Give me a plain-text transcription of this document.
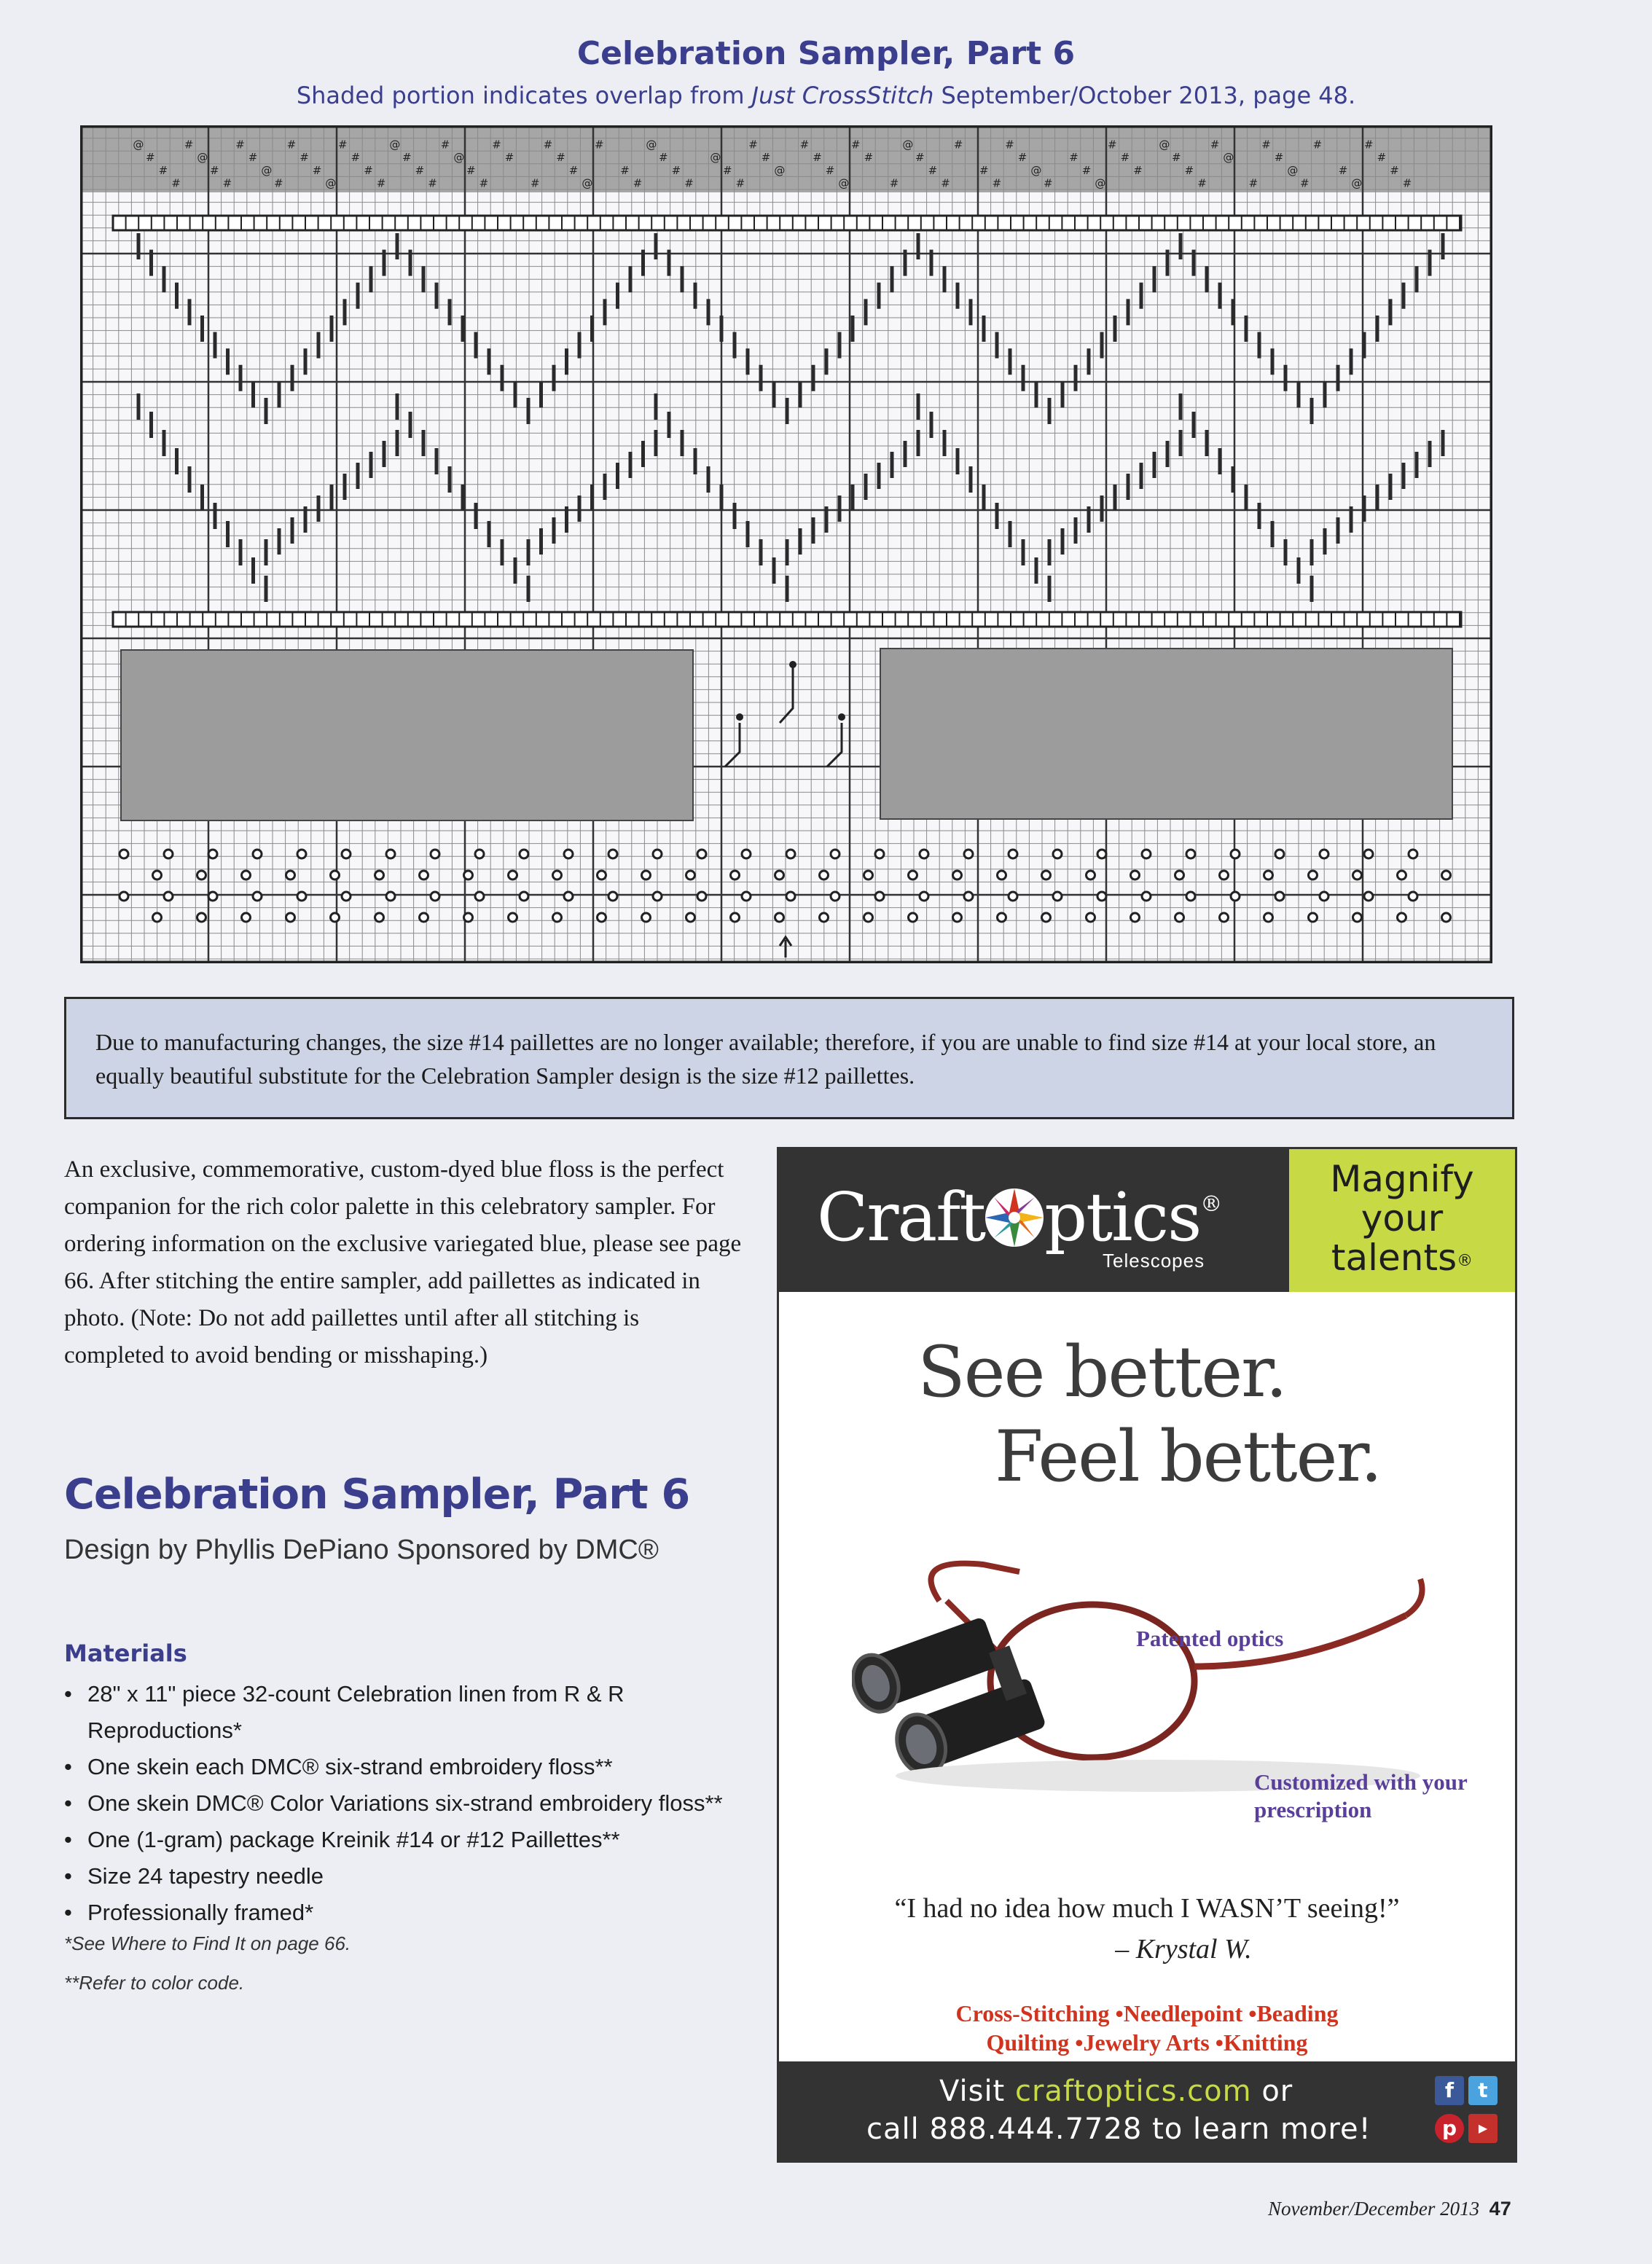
Celebration Sampler, Part 6
Shaded portion indicates overlap from Just CrossStitch September/October 2013, page 48.
@
#
#
#
#
@
#
#
#
#
@
#
#
#
#
@
#
#
#
#
@
#
#
#
#
@
#
#
#
#
@
#
#
#
#
@
#
#
#
#
@
#
#
#
#
@
#
#
#
#
@
#
#
#
#
@
#
#
#
#
@
#
#
#
#
@
#
#
#
#
@
#
#
#
#
@
#
#
#
#
@
#
#
#
#
@
#
#
#
#
Due to manufacturing changes, the size #14 paillettes are no longer available; therefore, if you are unable to find size #14 at your local store, an equally beautiful substitute for the Celebration Sampler design is the size #12 paillettes.
An exclusive, commemorative, custom-dyed blue floss is the perfect companion for the rich color palette in this celebratory sampler. For ordering information on the exclusive variegated blue, please see page 66. After stitching the entire sampler, add paillettes as indicated in photo. (Note: Do not add paillettes until after all stitching is completed to avoid bending or misshaping.)
Celebration Sampler, Part 6
Design by Phyllis DePiano Sponsored by DMC®
Materials
• 28" x 11" piece 32-count Celebration linen from R & R Reproductions*
• One skein each DMC® six-strand embroidery floss**
• One skein DMC® Color Variations six-strand embroidery floss**
• One (1-gram) package Kreinik #14 or #12 Paillettes**
• Size 24 tapestry needle
• Professionally framed*
*See Where to Find It on page 66.
**Refer to color code.
Craft ptics®
Telescopes
Magnify
your
talents®
See better.
Feel better.
Patented optics
Customized with your prescription
“I had no idea how much I WASN’T seeing!”
– Krystal W.
Cross-Stitching •Needlepoint •Beading
Quilting •Jewelry Arts •Knitting
Visit craftoptics.com or
call 888.444.7728 to learn more!
f	t
p	▶
November/December 2013 47
